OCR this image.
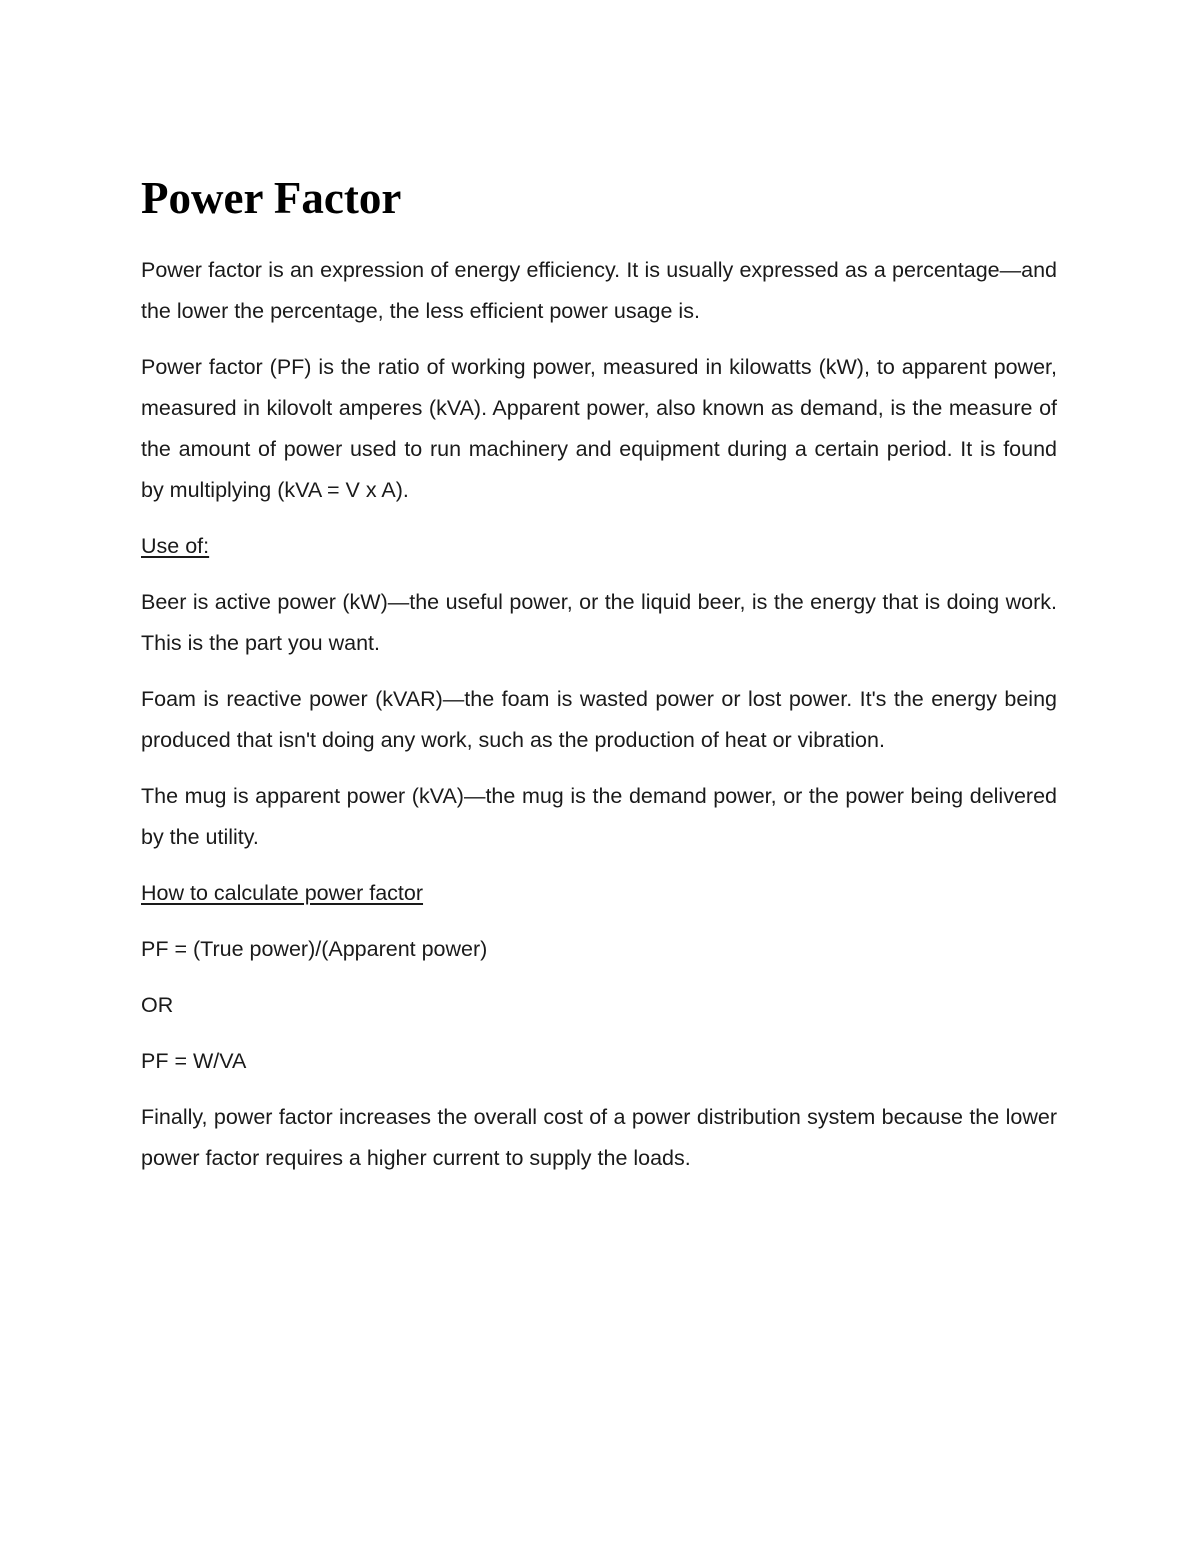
Power Factor

Power factor is an expression of energy efficiency. It is usually expressed as a percentage—and the lower the percentage, the less efficient power usage is.

Power factor (PF) is the ratio of working power, measured in kilowatts (kW), to apparent power, measured in kilovolt amperes (kVA). Apparent power, also known as demand, is the measure of the amount of power used to run machinery and equipment during a certain period. It is found by multiplying (kVA = V x A).

Use of:

Beer is active power (kW)—the useful power, or the liquid beer, is the energy that is doing work. This is the part you want.

Foam is reactive power (kVAR)—the foam is wasted power or lost power. It's the energy being produced that isn't doing any work, such as the production of heat or vibration.

The mug is apparent power (kVA)—the mug is the demand power, or the power being delivered by the utility.

How to calculate power factor

PF = (True power)/(Apparent power)

OR

PF = W/VA

Finally, power factor increases the overall cost of a power distribution system because the lower power factor requires a higher current to supply the loads.
